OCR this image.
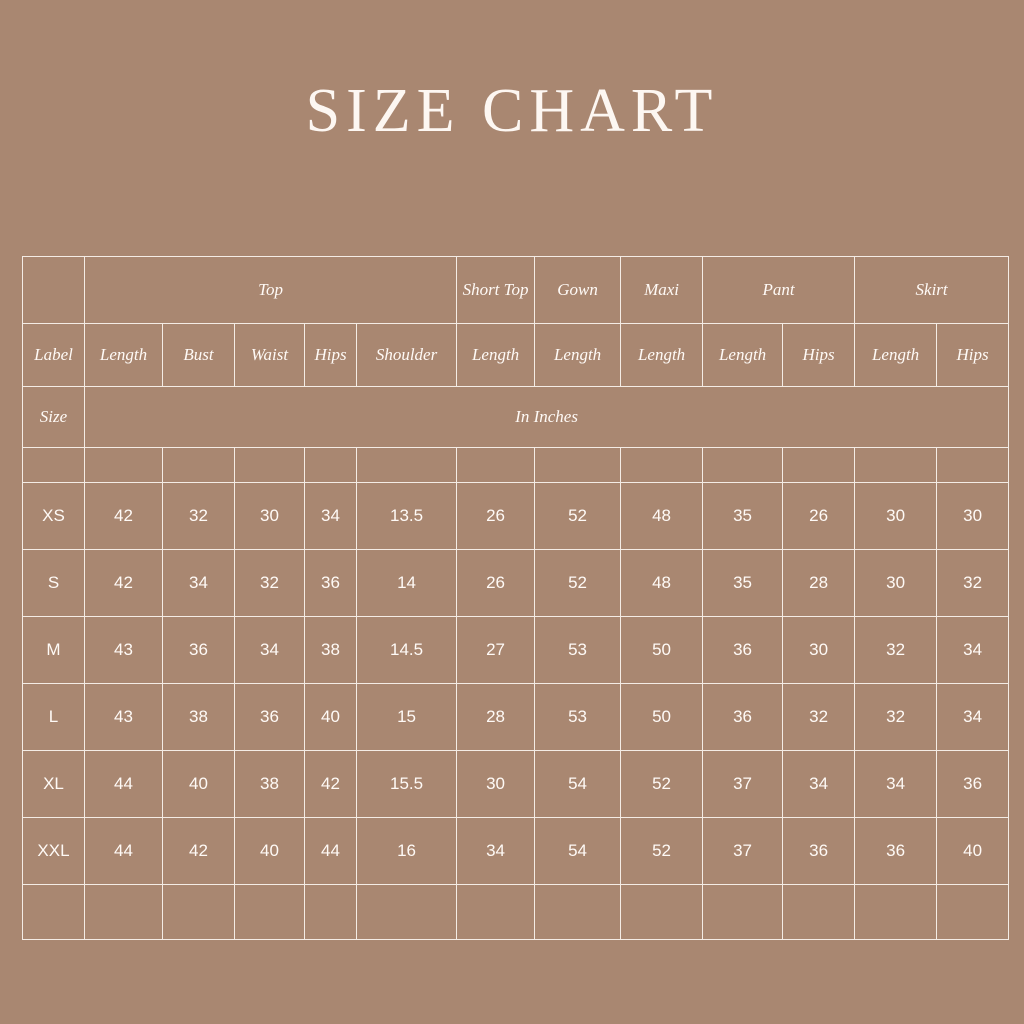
SIZE CHART
	Top					Short Top	Gown	Maxi	Pant		Skirt	
Label	Length	Bust	Waist	Hips	Shoulder	Length	Length	Length	Length	Hips	Length	Hips
Size	In Inches											

XS	42	32	30	34	13.5	26	52	48	35	26	30	30
S	42	34	32	36	14	26	52	48	35	28	30	32
M	43	36	34	38	14.5	27	53	50	36	30	32	34
L	43	38	36	40	15	28	53	50	36	32	32	34
XL	44	40	38	42	15.5	30	54	52	37	34	34	36
XXL	44	42	40	44	16	34	54	52	37	36	36	40
